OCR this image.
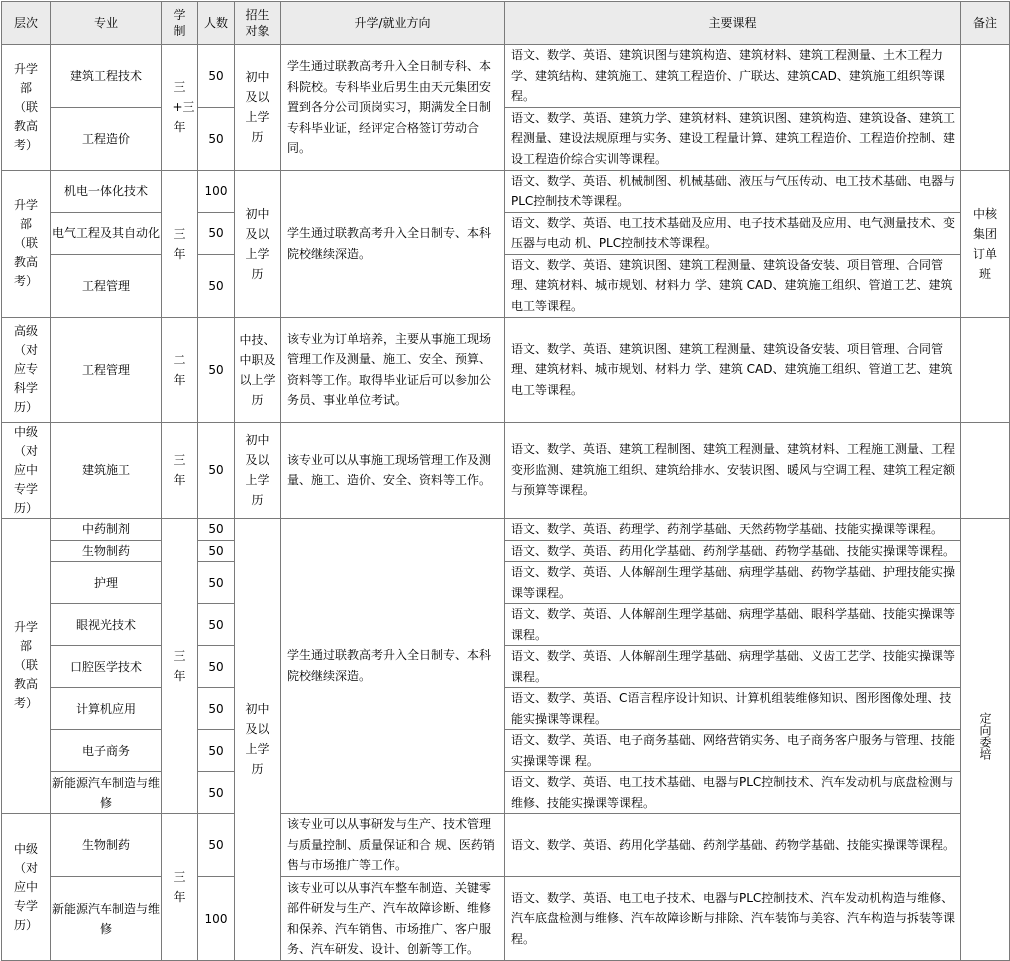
层次	专业	学制	人数	招生对象	升学/就业方向	主要课程	备注

升学部（联教高考）	建筑工程技术	三+三年	50	初中及以上学历	学生通过联教高考升入全日制专科、本科院校。专科毕业后男生由天元集团安置到各分公司顶岗实习，期满发全日制专科毕业证，经评定合格签订劳动合同。	语文、数学、英语、建筑识图与建筑构造、建筑材料、建筑工程测量、土木工程力学、建筑结构、建筑施工、建筑工程造价、广联达、建筑CAD、建筑施工组织等课程。	
	工程造价		50			语文、数学、英语、建筑力学、建筑材料、建筑识图、建筑构造、建筑设备、建筑工程测量、建设法规原理与实务、建设工程量计算、建筑工程造价、工程造价控制、建设工程造价综合实训等课程。	

升学部（联教高考）	机电一体化技术	三年	100	初中及以上学历	学生通过联教高考升入全日制专、本科院校继续深造。	语文、数学、英语、机械制图、机械基础、液压与气压传动、电工技术基础、电器与PLC控制技术等课程。	中核集团订单班

	电气工程及其自动化		50			语文、数学、英语、电工技术基础及应用、电子技术基础及应用、电气测量技术、变压器与电动 机、PLC控制技术等课程。	
	工程管理		50			语文、数学、英语、建筑识图、建筑工程测量、建筑设备安装、项目管理、合同管理、建筑材料、城市规划、材料力 学、建筑 CAD、建筑施工组织、管道工艺、建筑电工等课程。	

高级（对应专科学历）	工程管理	二年	50	中技、中职及以上学历	该专业为订单培养，主要从事施工现场管理工作及测量、施工、安全、预算、资料等工作。取得毕业证后可以参加公务员、事业单位考试。	语文、数学、英语、建筑识图、建筑工程测量、建筑设备安装、项目管理、合同管理、建筑材料、城市规划、材料力 学、建筑 CAD、建筑施工组织、管道工艺、建筑电工等课程。	

中级（对应中专学历）	建筑施工	三年	50	初中及以上学历	该专业可以从事施工现场管理工作及测量、施工、造价、安全、资料等工作。	语文、数学、英语、建筑工程制图、建筑工程测量、建筑材料、工程施工测量、工程变形监测、建筑施工组织、建筑给排水、安装识图、暖风与空调工程、建筑工程定额与预算等课程。	

升学部（联教高考）	中药制剂	三年	50	初中及以上学历	学生通过联教高考升入全日制专、本科院校继续深造。	语文、数学、英语、药理学、药剂学基础、天然药物学基础、技能实操课等课程。	定向委培
	生物制药		50			语文、数学、英语、药用化学基础、药剂学基础、药物学基础、技能实操课等课程。	
	护理		50			语文、数学、英语、人体解剖生理学基础、病理学基础、药物学基础、护理技能实操课等课程。	
	眼视光技术		50			语文、数学、英语、人体解剖生理学基础、病理学基础、眼科学基础、技能实操课等课程。	
	口腔医学技术		50			语文、数学、英语、人体解剖生理学基础、病理学基础、义齿工艺学、技能实操课等课程。	
	计算机应用		50			语文、数学、英语、C语言程序设计知识、计算机组装维修知识、图形图像处理、技能实操课等课程。	
	电子商务		50			语文、数学、英语、电子商务基础、网络营销实务、电子商务客户服务与管理、技能实操课等课 程。	
	新能源汽车制造与维修		50			语文、数学、英语、电工技术基础、电器与PLC控制技术、汽车发动机与底盘检测与维修、技能实操课等课程。	

中级（对应中专学历）	生物制药	三年	50		该专业可以从事研发与生产、技术管理与质量控制、质量保证和合 规、医药销售与市场推广等工作。	语文、数学、英语、药用化学基础、药剂学基础、药物学基础、技能实操课等课程。	
	新能源汽车制造与维修		100		该专业可以从事汽车整车制造、关键零部件研发与生产、汽车故障诊断、维修和保养、汽车销售、市场推广、客户服务、汽车研发、设计、创新等工作。	语文、数学、英语、电工电子技术、电器与PLC控制技术、汽车发动机构造与维修、汽车底盘检测与维修、汽车故障诊断与排除、汽车装饰与美容、汽车构造与拆装等课程。	
